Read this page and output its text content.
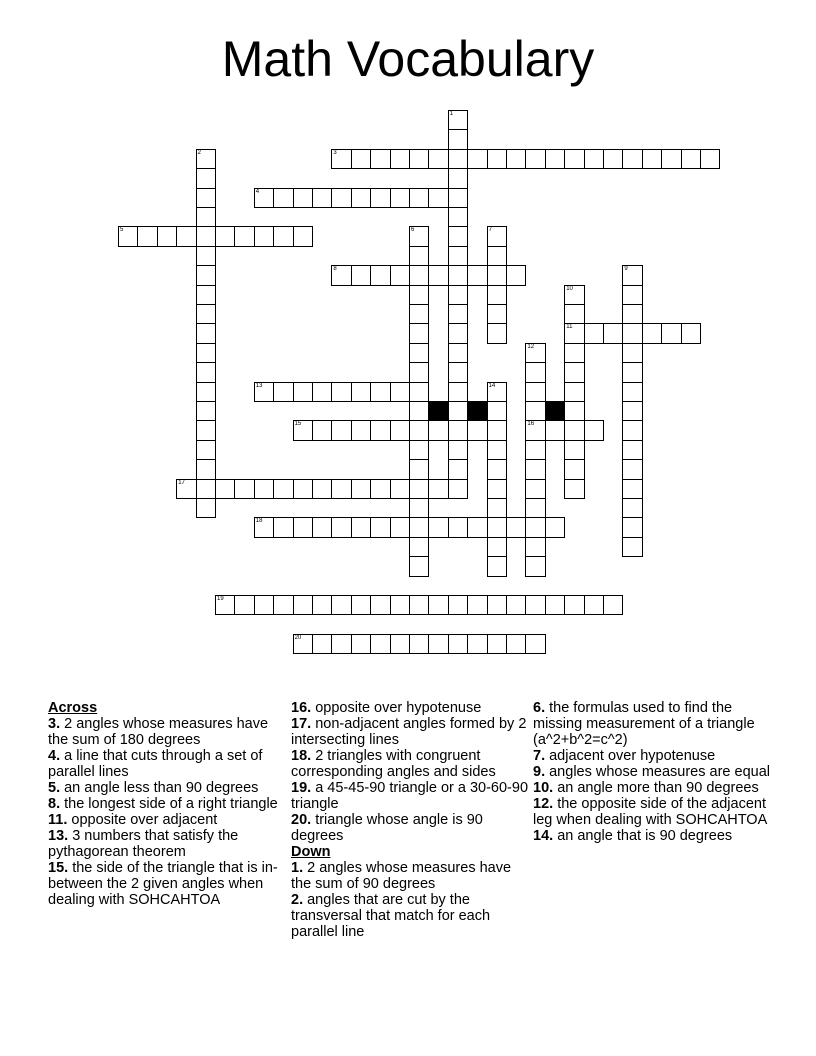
Math Vocabulary
1
2	3
4
5	6	7
8	9
10
11
12
16
13	14
15
17
18
19
20
Across

3. 2 angles whose measures have the sum of 180 degrees

4. a line that cuts through a set of parallel lines

5. an angle less than 90 degrees

8. the longest side of a right triangle

11. opposite over adjacent

13. 3 numbers that satisfy the pythagorean theorem

15. the side of the triangle that is in-between the 2 given angles when dealing with SOHCAHTOA

16. opposite over hypotenuse

17. non-adjacent angles formed by 2 intersecting lines

18. 2 triangles with congruent corresponding angles and sides

19. a 45-45-90 triangle or a 30-60-90 triangle

20. triangle whose angle is 90 degrees

Down

1. 2 angles whose measures have the sum of 90 degrees

2. angles that are cut by the transversal that match for each parallel line

6. the formulas used to find the missing measurement of a triangle (a^2+b^2=c^2)

7. adjacent over hypotenuse

9. angles whose measures are equal

10. an angle more than 90 degrees

12. the opposite side of the adjacent leg when dealing with SOHCAHTOA

14. an angle that is 90 degrees
